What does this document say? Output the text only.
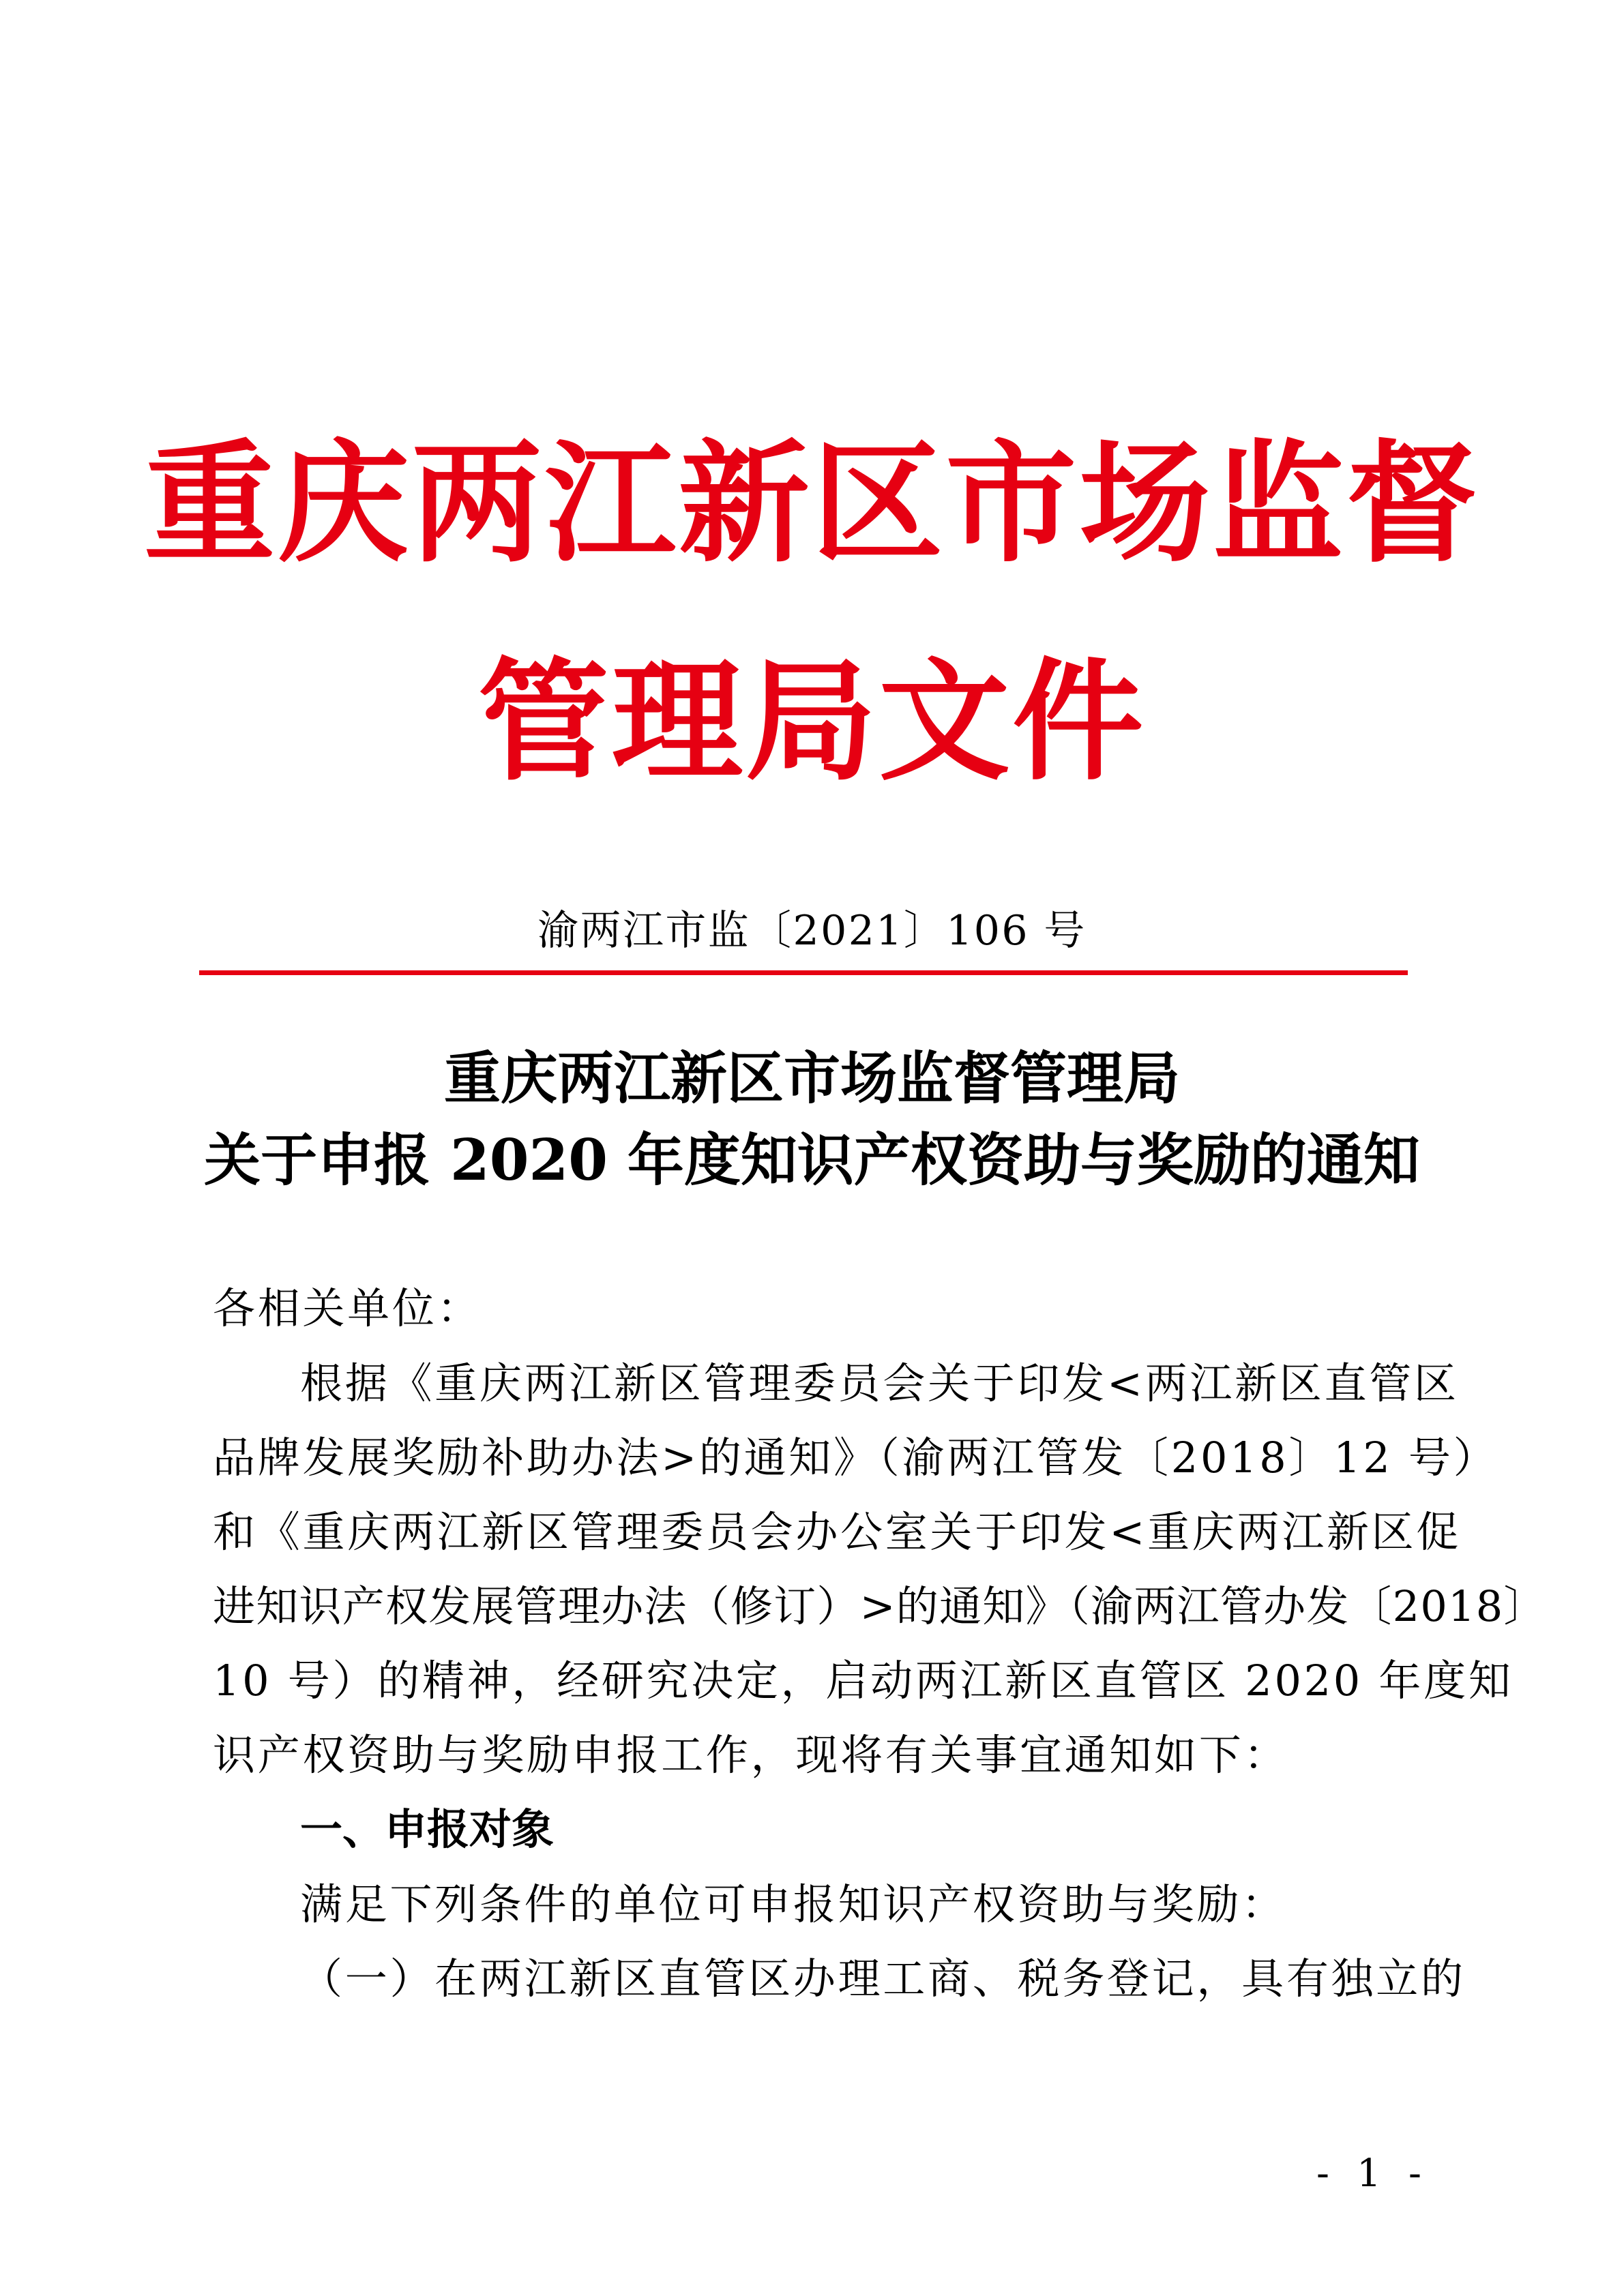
重庆两江新区市场监督
管理局文件
渝两江市监〔2021〕106 号
重庆两江新区市场监督管理局
关于申报 2020 年度知识产权资助与奖励的通知
各相关单位：
根据《重庆两江新区管理委员会关于印发<两江新区直管区
品牌发展奖励补助办法>的通知》（渝两江管发〔2018〕12 号）
和《重庆两江新区管理委员会办公室关于印发<重庆两江新区促
进知识产权发展管理办法（修订）>的通知》（渝两江管办发〔2018〕
10 号）的精神，经研究决定，启动两江新区直管区 2020 年度知
识产权资助与奖励申报工作，现将有关事宜通知如下：
一、申报对象
满足下列条件的单位可申报知识产权资助与奖励：
（一）在两江新区直管区办理工商、税务登记，具有独立的
- 1 -
